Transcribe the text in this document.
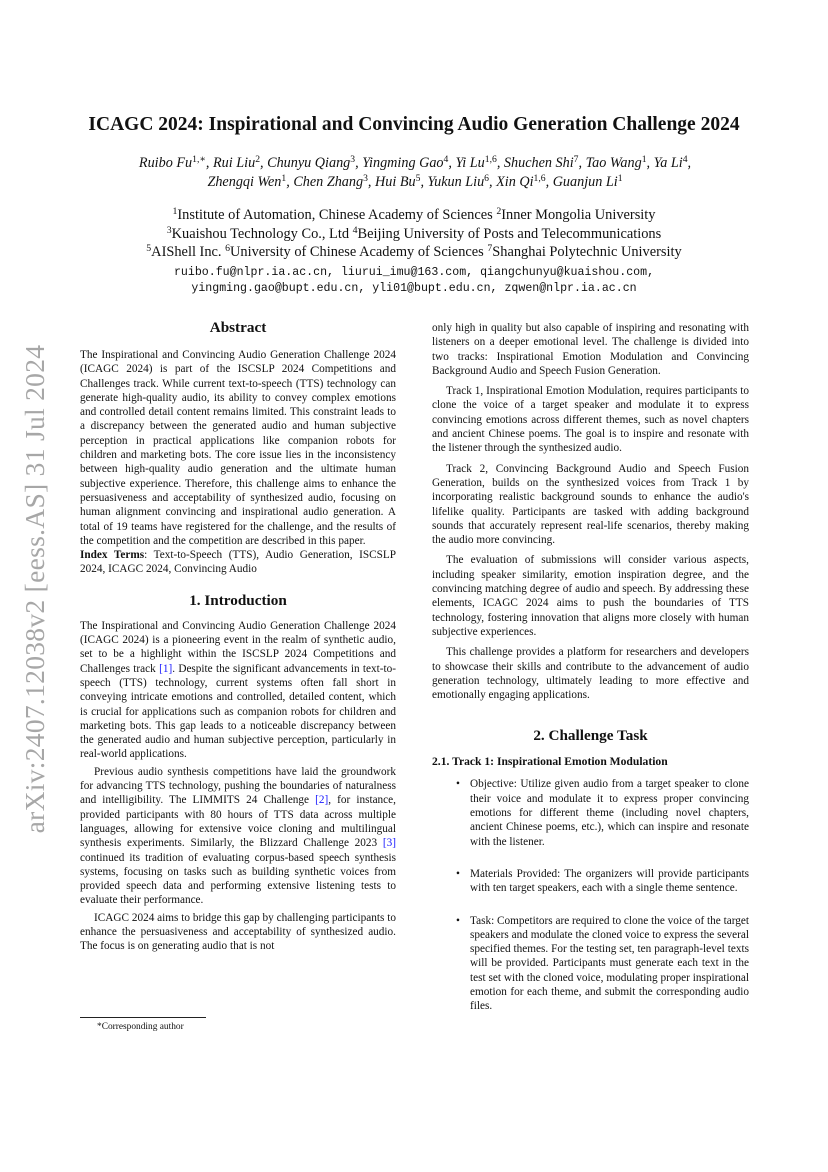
ICAGC 2024: Inspirational and Convincing Audio Generation Challenge 2024
Ruibo $Fu^{1,∗}$, Rui Liu$^2$, Chunyu Qiang$^3$, Yingming Gao$^4$, Yi Lu$^{1,6}$, Shuchen Shi$^7$, Tao Wang$^1$, Ya Li$^4$,
Zhengqi Wen$^1$, Chen Zhang$^3$, Hui Bu$^5$, Yukun Liu$^6$, Xin Qi$^{1,6}$, Guanjun Li$^1$
$^1$Institute of Automation, Chinese Academy of Sciences $^2$Inner Mongolia University
$^3$Kuaishou Technology Co., Ltd $^4$Beijing University of Posts and Telecommunications
$^5$AIShell Inc. $^6$University of Chinese Academy of Sciences $^7$Shanghai Polytechnic University
ruibo.fu@nlpr.ia.ac.cn, liurui_imu@163.com, qiangchunyu@kuaishou.com,
yingming.gao@bupt.edu.cn, yli01@bupt.edu.cn, zqwen@nlpr.ia.ac.cn
arXiv:2407.12038v2 [eess.AS] 31 Jul 2024
Abstract

The Inspirational and Convincing Audio Generation Challenge 2024 (ICAGC 2024) is part of the ISCSLP 2024 Competitions and Challenges track. While current text-to-speech (TTS) technology can generate high-quality audio, its ability to convey complex emotions and controlled detail content remains limited. This constraint leads to a discrepancy between the generated audio and human subjective perception in practical applications like companion robots for children and marketing bots. The core issue lies in the inconsistency between high-quality audio generation and the ultimate human subjective experience. Therefore, this challenge aims to enhance the persuasiveness and acceptability of synthesized audio, focusing on human alignment convincing and inspirational audio generation. A total of 19 teams have registered for the challenge, and the results of the competition and the competition are described in this paper.

Index Terms: Text-to-Speech (TTS), Audio Generation, ISCSLP 2024, ICAGC 2024, Convincing Audio

1. Introduction

The Inspirational and Convincing Audio Generation Challenge 2024 (ICAGC 2024) is a pioneering event in the realm of synthetic audio, set to be a highlight within the ISCSLP 2024 Competitions and Challenges track [1]. Despite the significant advancements in text-to-speech (TTS) technology, current systems often fall short in conveying intricate emotions and controlled, detailed content, which is crucial for applications such as companion robots for children and marketing bots. This gap leads to a noticeable discrepancy between the generated audio and human subjective perception, particularly in real-world applications.

Previous audio synthesis competitions have laid the groundwork for advancing TTS technology, pushing the boundaries of naturalness and intelligibility. The LIMMITS 24 Challenge [2], for instance, provided participants with 80 hours of TTS data across multiple languages, allowing for extensive voice cloning and multilingual synthesis experiments. Similarly, the Blizzard Challenge 2023 [3] continued its tradition of evaluating corpus-based speech synthesis systems, focusing on tasks such as building synthetic voices from provided speech data and performing extensive listening tests to evaluate their performance.

ICAGC 2024 aims to bridge this gap by challenging participants to enhance the persuasiveness and acceptability of synthesized audio. The focus is on generating audio that is not

only high in quality but also capable of inspiring and resonating with listeners on a deeper emotional level. The challenge is divided into two tracks: Inspirational Emotion Modulation and Convincing Background Audio and Speech Fusion Generation.

Track 1, Inspirational Emotion Modulation, requires participants to clone the voice of a target speaker and modulate it to express convincing emotions across different themes, such as novel chapters and ancient Chinese poems. The goal is to inspire and resonate with the listener through the synthesized audio.

Track 2, Convincing Background Audio and Speech Fusion Generation, builds on the synthesized voices from Track 1 by incorporating realistic background sounds to enhance the audio's lifelike quality. Participants are tasked with adding background sounds that accurately represent real-life scenarios, thereby making the audio more convincing.

The evaluation of submissions will consider various aspects, including speaker similarity, emotion inspiration degree, and the convincing matching degree of audio and speech. By addressing these elements, ICAGC 2024 aims to push the boundaries of TTS technology, fostering innovation that aligns more closely with human subjective experiences.

This challenge provides a platform for researchers and developers to showcase their skills and contribute to the advancement of audio generation technology, ultimately leading to more effective and emotionally engaging applications.

2. Challenge Task
2.1. Track 1: Inspirational Emotion Modulation
• Objective: Utilize given audio from a target speaker to clone their voice and modulate it to express proper convincing emotions for different theme (including novel chapters, ancient Chinese poems, etc.), which can inspire and resonate with the listener.
• Materials Provided: The organizers will provide participants with ten target speakers, each with a single theme sentence.
• Task: Competitors are required to clone the voice of the target speakers and modulate the cloned voice to express the several specified themes. For the testing set, ten paragraph-level texts will be provided. Participants must generate each text in the test set with the cloned voice, modulating proper inspirational emotion for each theme, and submit the corresponding audio files.
*Corresponding author
